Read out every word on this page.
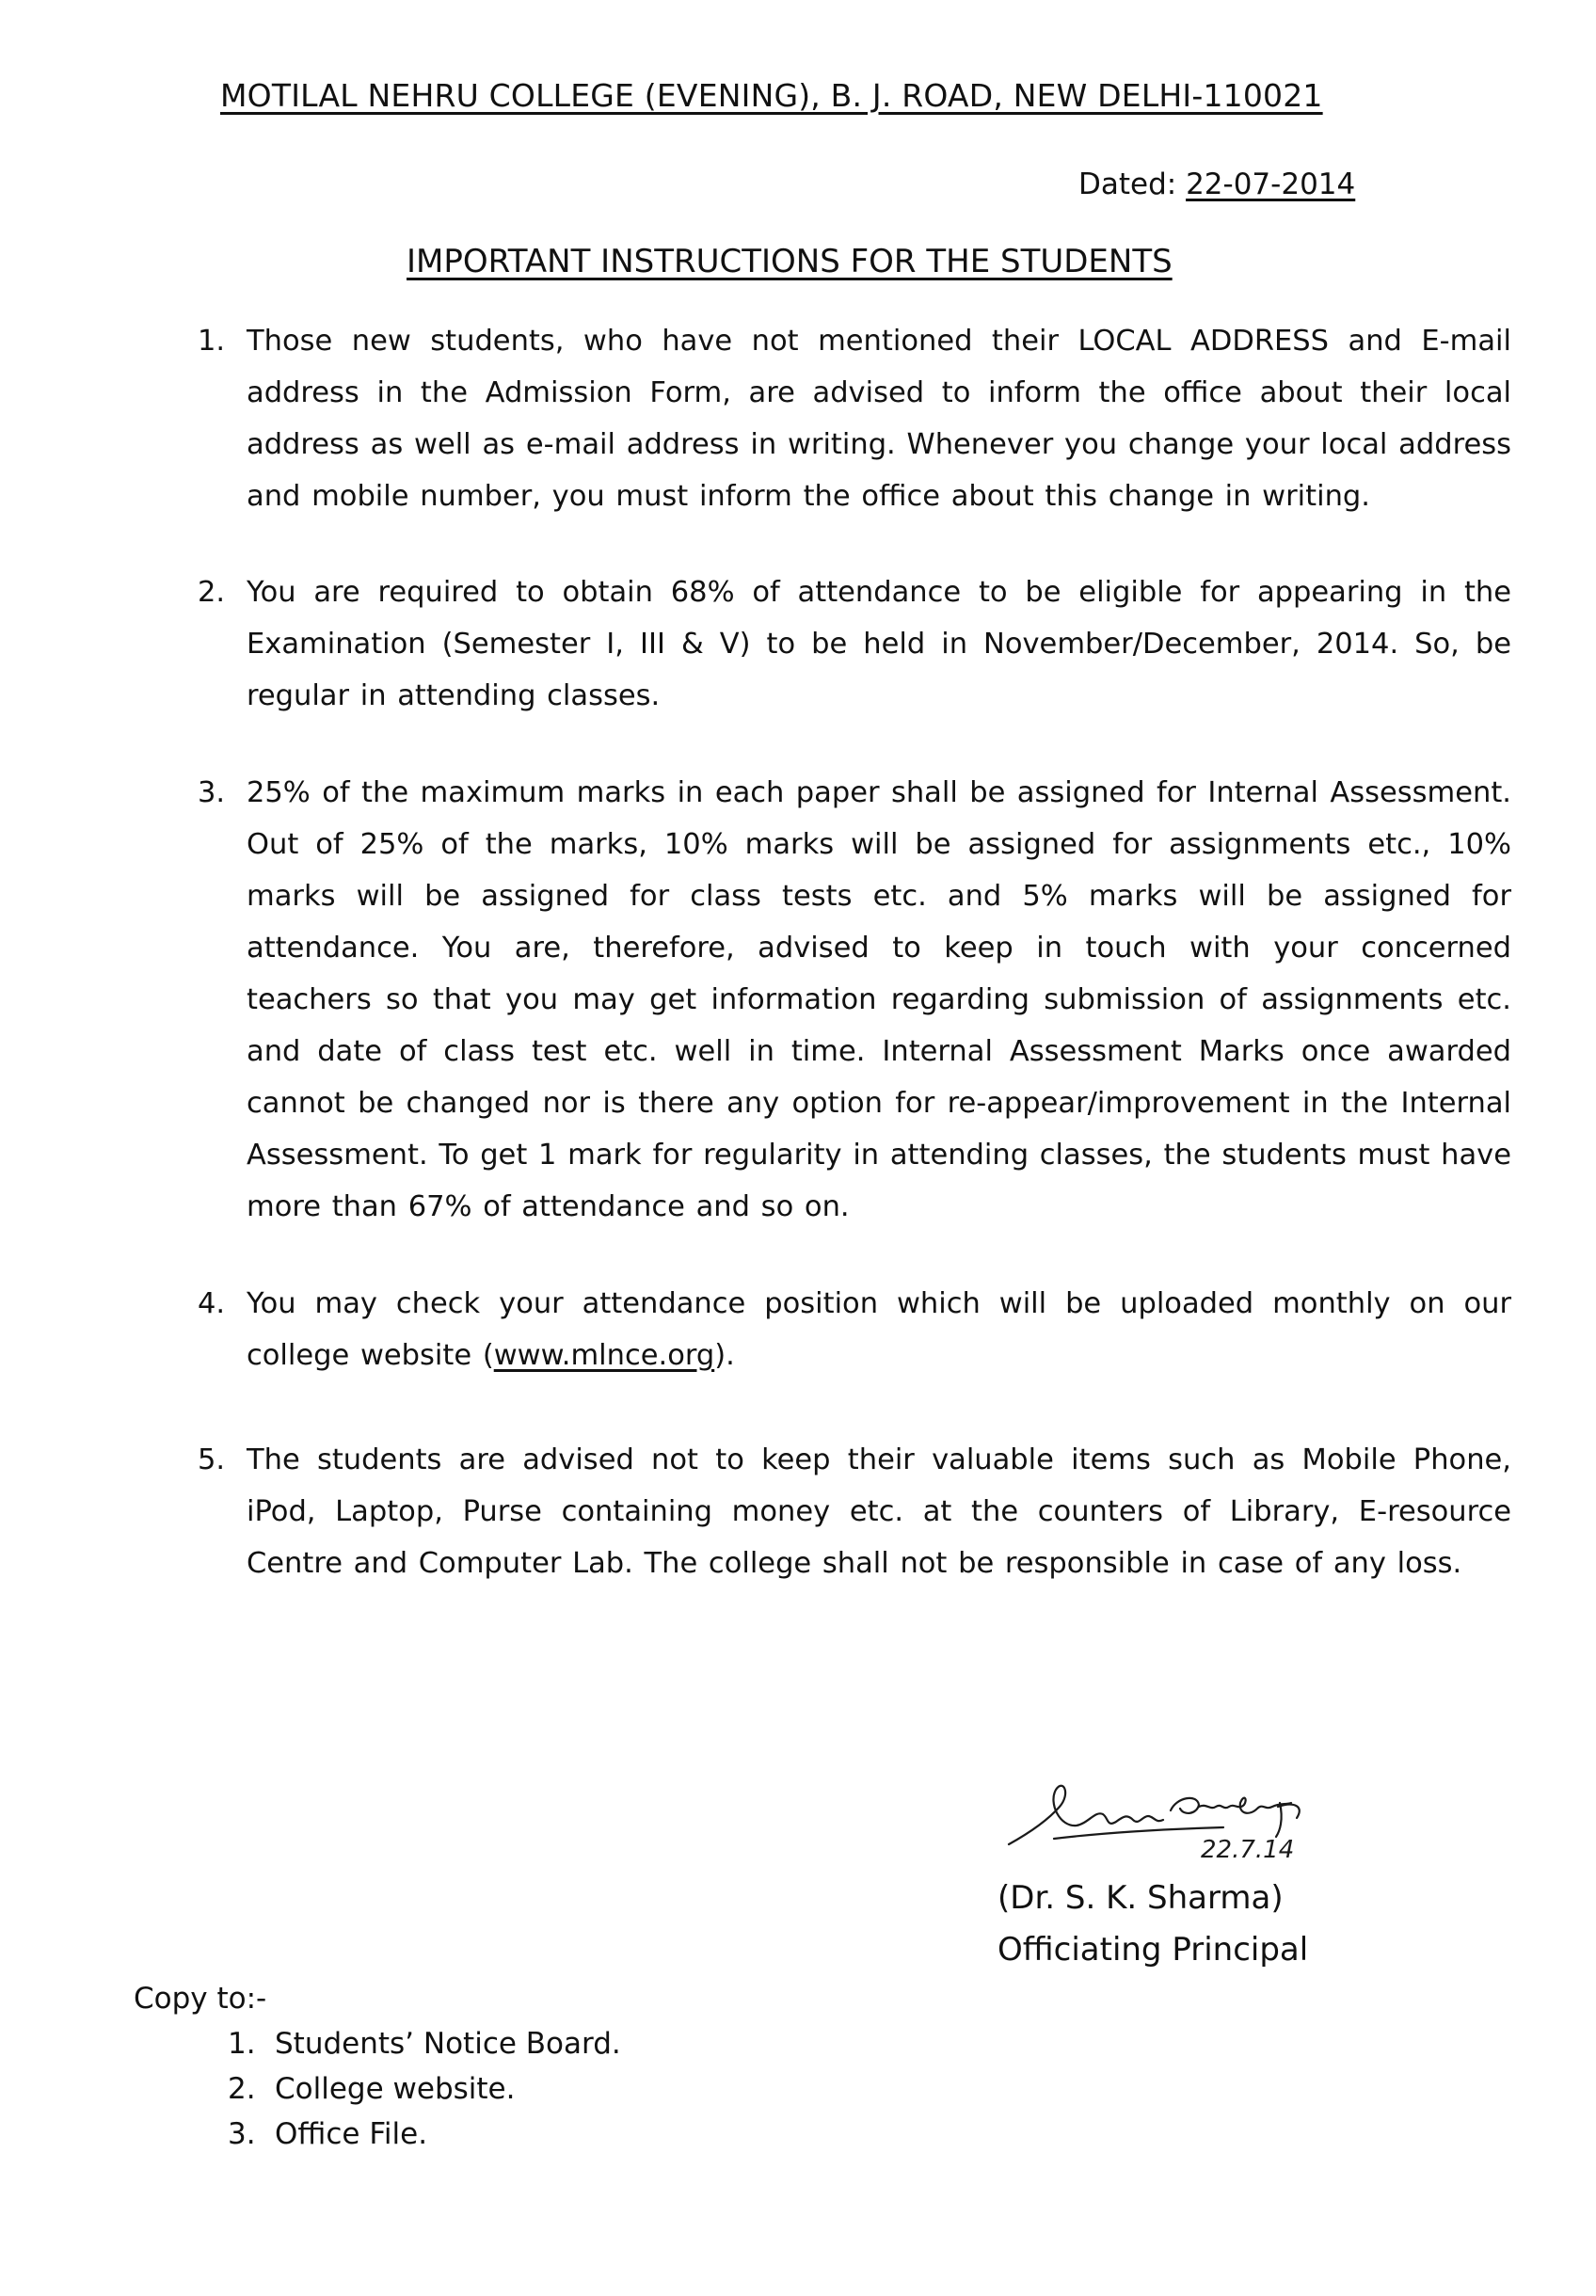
MOTILAL NEHRU COLLEGE (EVENING), B. J. ROAD, NEW DELHI-110021
Dated: 22-07-2014
IMPORTANT INSTRUCTIONS FOR THE STUDENTS
1. Those new students, who have not mentioned their LOCAL ADDRESS and E-mail address in the Admission Form, are advised to inform the office about their local address as well as e-mail address in writing. Whenever you change your local address and mobile number, you must inform the office about this change in writing.
2. You are required to obtain 68% of attendance to be eligible for appearing in the Examination (Semester I, III & V) to be held in November/December, 2014. So, be regular in attending classes.
3. 25% of the maximum marks in each paper shall be assigned for Internal Assessment. Out of 25% of the marks, 10% marks will be assigned for assignments etc., 10% marks will be assigned for class tests etc. and 5% marks will be assigned for attendance. You are, therefore, advised to keep in touch with your concerned teachers so that you may get information regarding submission of assignments etc. and date of class test etc. well in time. Internal Assessment Marks once awarded cannot be changed nor is there any option for re-appear/improvement in the Internal Assessment. To get 1 mark for regularity in attending classes, the students must have more than 67% of attendance and so on.
4. You may check your attendance position which will be uploaded monthly on our college website (www.mlnce.org).
5. The students are advised not to keep their valuable items such as Mobile Phone, iPod, Laptop, Purse containing money etc. at the counters of Library, E-resource Centre and Computer Lab. The college shall not be responsible in case of any loss.
22.7.14
(Dr. S. K. Sharma)
Officiating Principal
Copy to:-
1. Students’ Notice Board.
2. College website.
3. Office File.
